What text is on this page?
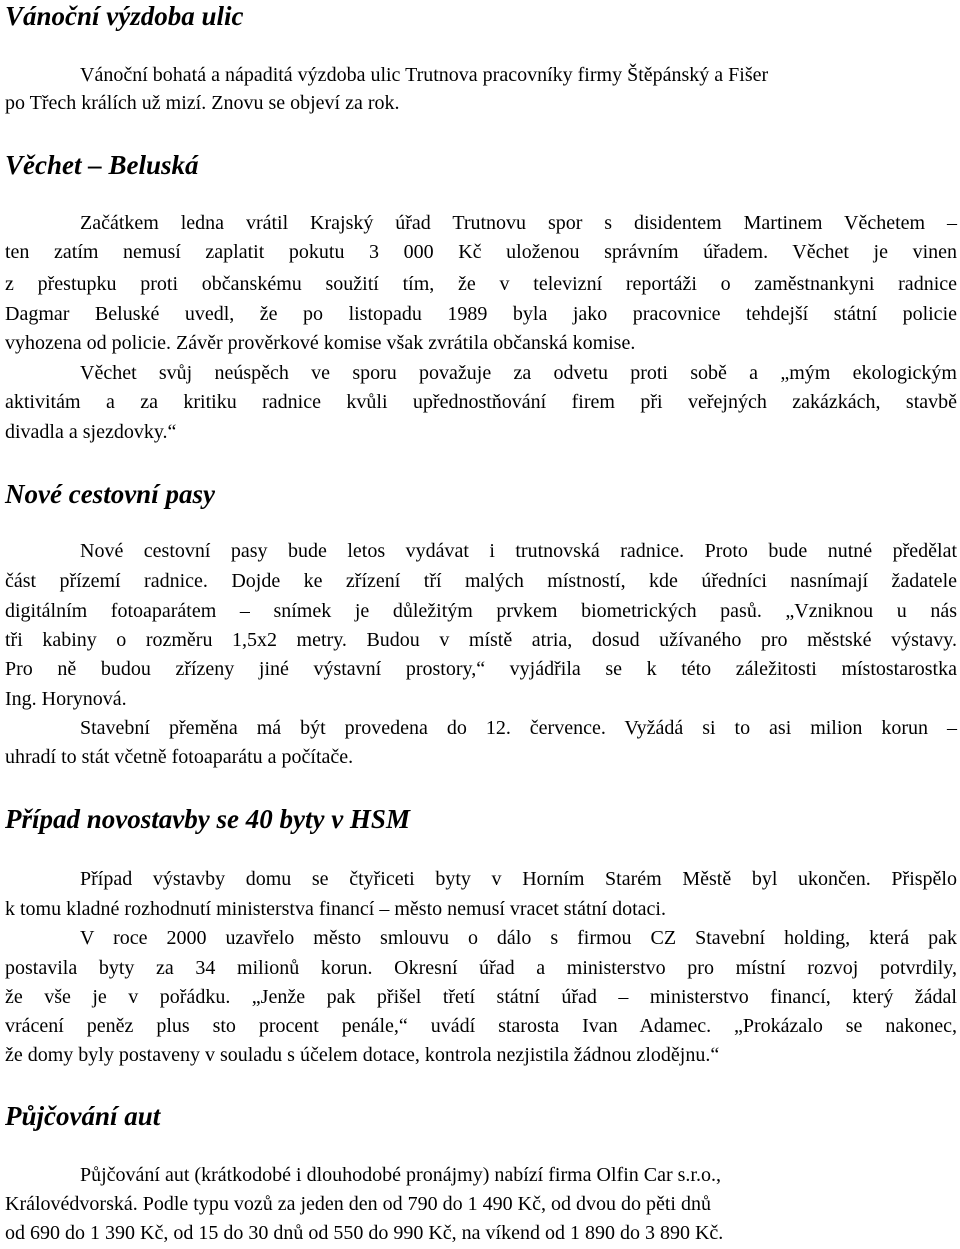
Vánoční výzdoba ulic

Vánoční bohatá a nápaditá výzdoba ulic Trutnova pracovníky firmy Štěpánský a Fišer

po Třech králích už mizí. Znovu se objeví za rok.

Věchet – Beluská

Začátkem ledna vrátil Krajský úřad Trutnovu spor s disidentem Martinem Věchetem –

ten zatím nemusí zaplatit pokutu 3 000 Kč uloženou správním úřadem. Věchet je vinen

z přestupku proti občanskému soužití tím, že v televizní reportáži o zaměstnankyni radnice

Dagmar Beluské uvedl, že po listopadu 1989 byla jako pracovnice tehdejší státní policie

vyhozena od policie. Závěr prověrkové komise však zvrátila občanská komise.

Věchet svůj neúspěch ve sporu považuje za odvetu proti sobě a „mým ekologickým

aktivitám a za kritiku radnice kvůli upřednostňování firem při veřejných zakázkách, stavbě

divadla a sjezdovky.“

Nové cestovní pasy

Nové cestovní pasy bude letos vydávat i trutnovská radnice. Proto bude nutné předělat

část přízemí radnice. Dojde ke zřízení tří malých místností, kde úředníci nasnímají žadatele

digitálním fotoaparátem – snímek je důležitým prvkem biometrických pasů. „Vzniknou u nás

tři kabiny o rozměru 1,5x2 metry. Budou v místě atria, dosud užívaného pro městské výstavy.

Pro ně budou zřízeny jiné výstavní prostory,“ vyjádřila se k této záležitosti místostarostka

Ing. Horynová.

Stavební přeměna má být provedena do 12. července. Vyžádá si to asi milion korun –

uhradí to stát včetně fotoaparátu a počítače.

Případ novostavby se 40 byty v HSM

Případ výstavby domu se čtyřiceti byty v Horním Starém Městě byl ukončen. Přispělo

k tomu kladné rozhodnutí ministerstva financí – město nemusí vracet státní dotaci.

V roce 2000 uzavřelo město smlouvu o dálo s firmou CZ Stavební holding, která pak

postavila byty za 34 milionů korun. Okresní úřad a ministerstvo pro místní rozvoj potvrdily,

že vše je v pořádku. „Jenže pak přišel třetí státní úřad – ministerstvo financí, který žádal

vrácení peněz plus sto procent penále,“ uvádí starosta Ivan Adamec. „Prokázalo se nakonec,

že domy byly postaveny v souladu s účelem dotace, kontrola nezjistila žádnou zlodějnu.“

Půjčování aut

Půjčování aut (krátkodobé i dlouhodobé pronájmy) nabízí firma Olfin Car s.r.o.,

Královédvorská. Podle typu vozů za jeden den od 790 do 1 490 Kč, od dvou do pěti dnů

od 690 do 1 390 Kč, od 15 do 30 dnů od 550 do 990 Kč, na víkend od 1 890 do 3 890 Kč.
